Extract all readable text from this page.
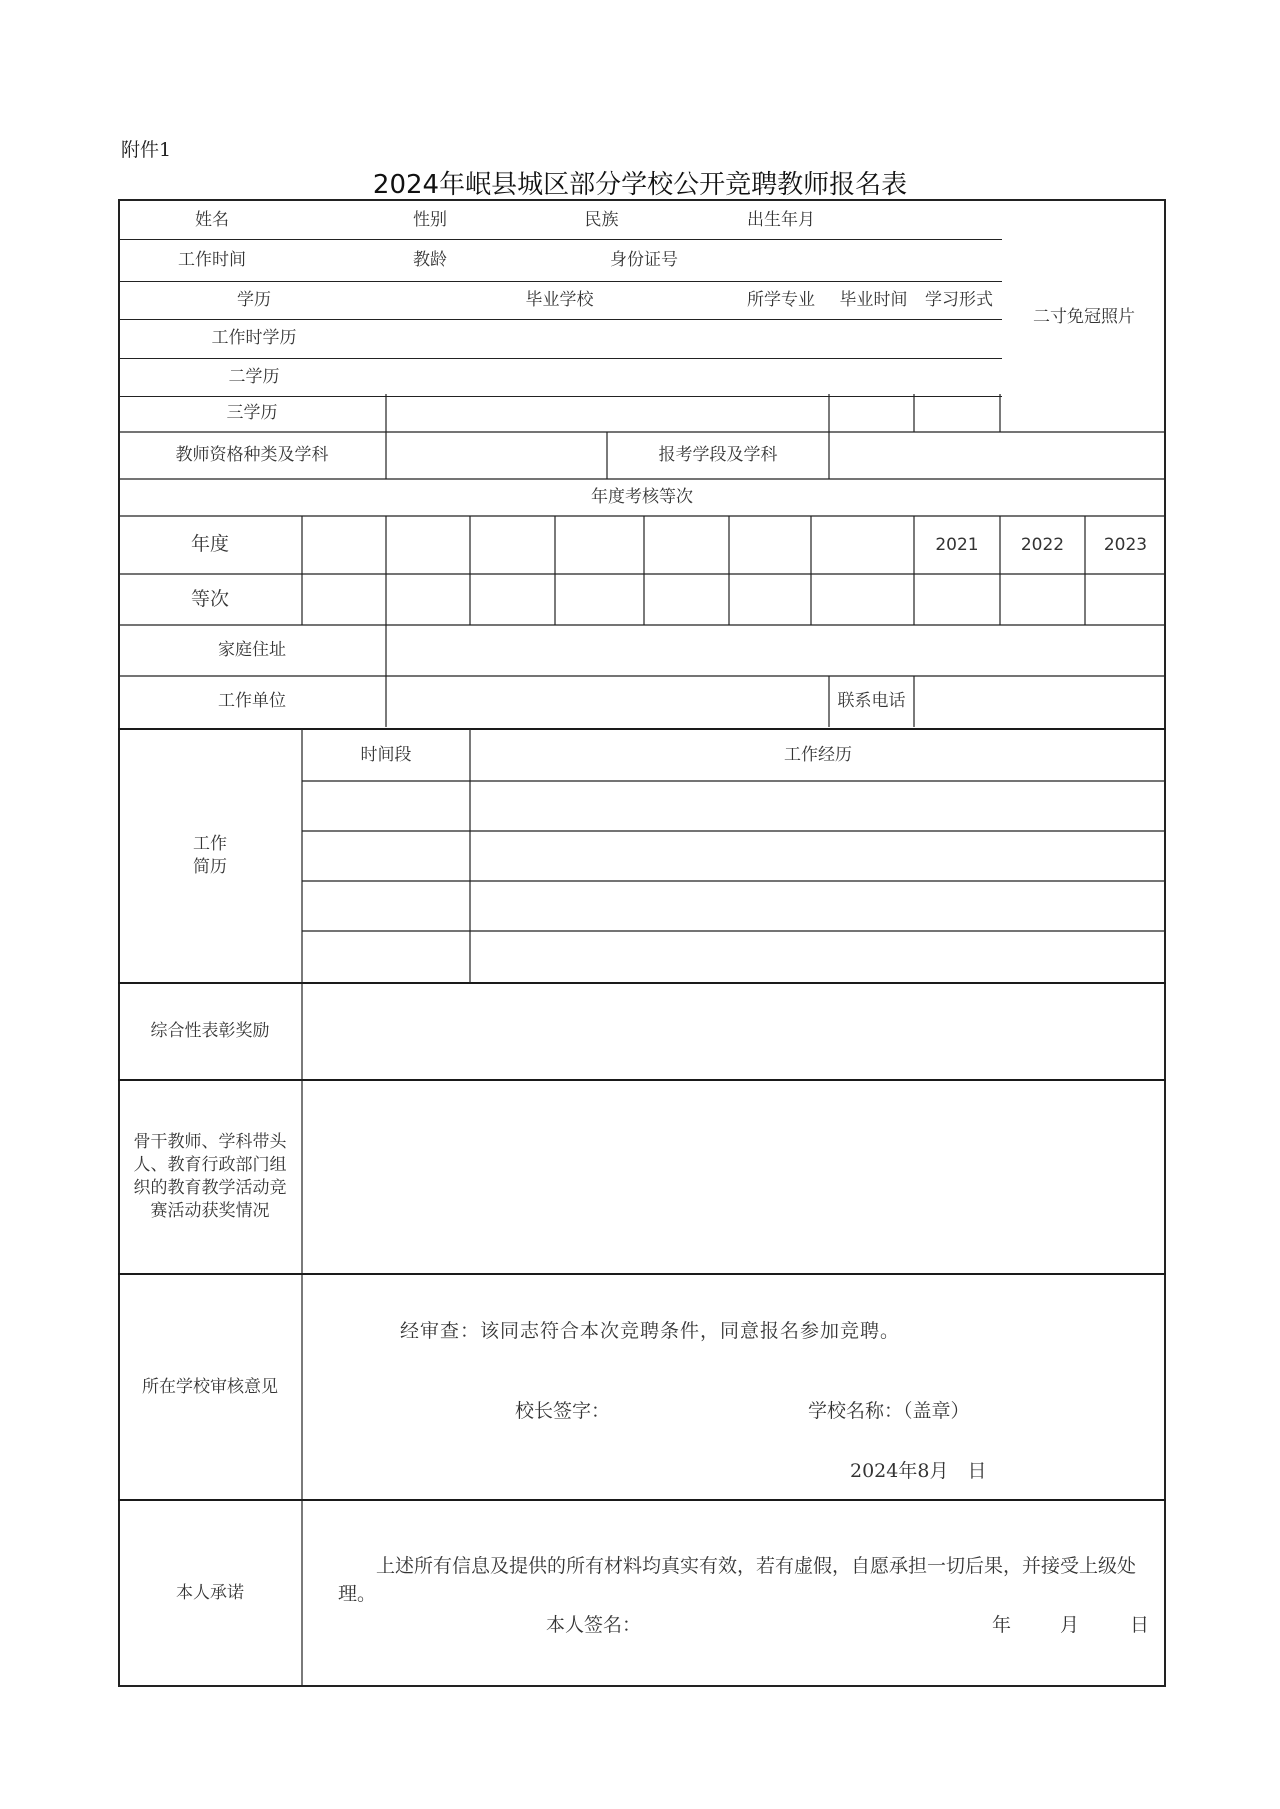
附件1
2024年岷县城区部分学校公开竞聘教师报名表
姓名	性别	民族	出生年月
工作时间	教龄	身份证号
二寸免冠照片
学历	毕业学校	所学专业	毕业时间	学习形式
工作时学历
二学历
三学历
教师资格种类及学科	报考学段及学科
年度考核等次
年度	2021	2022	2023
等次
家庭住址
工作单位	联系电话
时间段	工作经历
工作
简历
综合性表彰奖励
骨干教师、学科带头人、教育行政部门组织的教育教学活动竞赛活动获奖情况
所在学校审核意见
经审查：该同志符合本次竞聘条件，同意报名参加竞聘。
校长签字：	学校名称：（盖章）
2024年8月　日
本人承诺
上述所有信息及提供的所有材料均真实有效，若有虚假，自愿承担一切后果，并接受上级处理。
本人签名：	年	月	日
